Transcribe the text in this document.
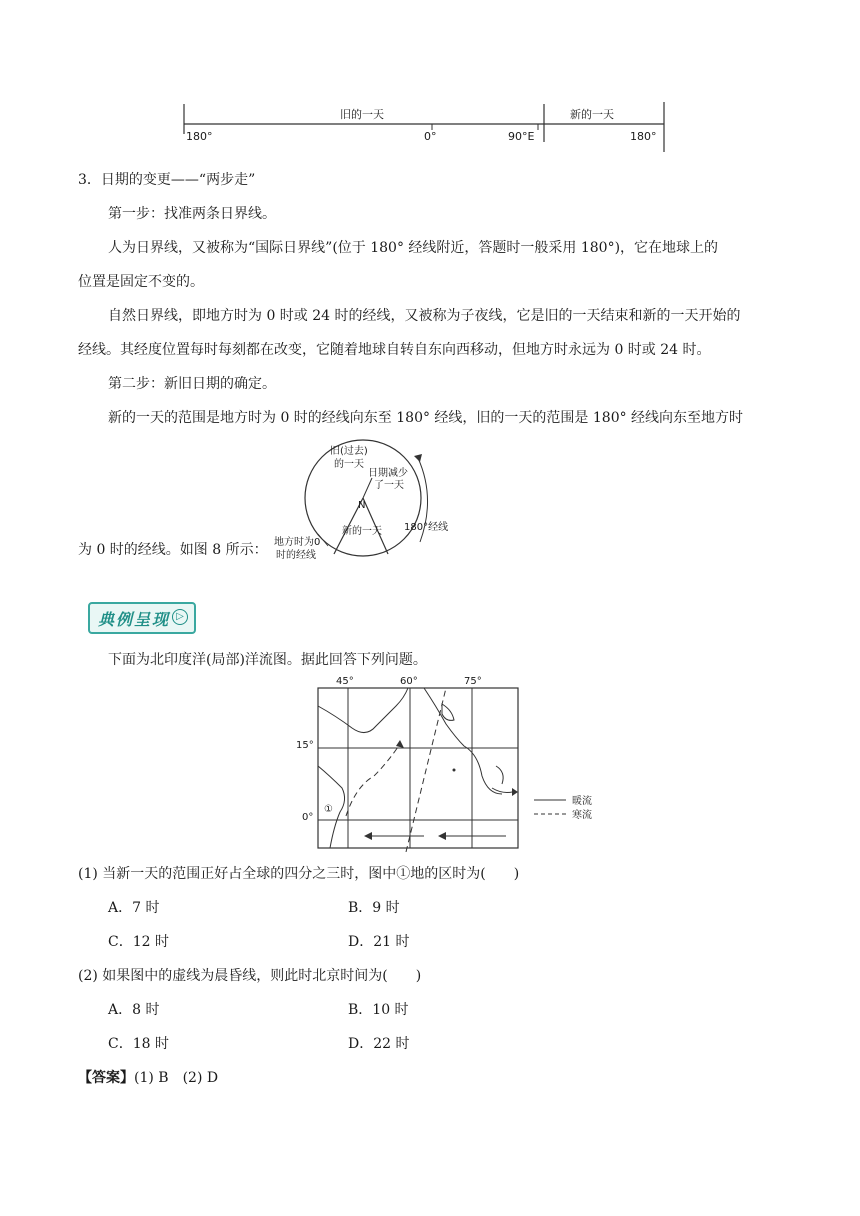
旧的一天	新的一天
180°	0°	90°E	180°
3．日期的变更——“两步走”
第一步：找准两条日界线。
人为日界线，又被称为“国际日界线”(位于 180° 经线附近，答题时一般采用 180°)，它在地球上的
位置是固定不变的。
自然日界线，即地方时为 0 时或 24 时的经线，又被称为子夜线，它是旧的一天结束和新的一天开始的
经线。其经度位置每时每刻都在改变，它随着地球自转自东向西移动，但地方时永远为 0 时或 24 时。
第二步：新旧日期的确定。
新的一天的范围是地方时为 0 时的经线向东至 180° 经线，旧的一天的范围是 180° 经线向东至地方时
为 0 时的经线。如图 8 所示：
旧(过去)
的一天
日期减少
了一天
N
新的一天 180°经线
地方时为0
时的经线
典例呈现 ▷
下面为北印度洋(局部)洋流图。据此回答下列问题。
45°	60°	75°
15°
0°
①
暖流
寒流
(1) 当新一天的范围正好占全球的四分之三时，图中①地的区时为(　　)
A．7 时	B．9 时
C．12 时	D．21 时
(2) 如果图中的虚线为晨昏线，则此时北京时间为(　　)
A．8 时	B．10 时
C．18 时	D．22 时
【答案】(1) B　(2) D
